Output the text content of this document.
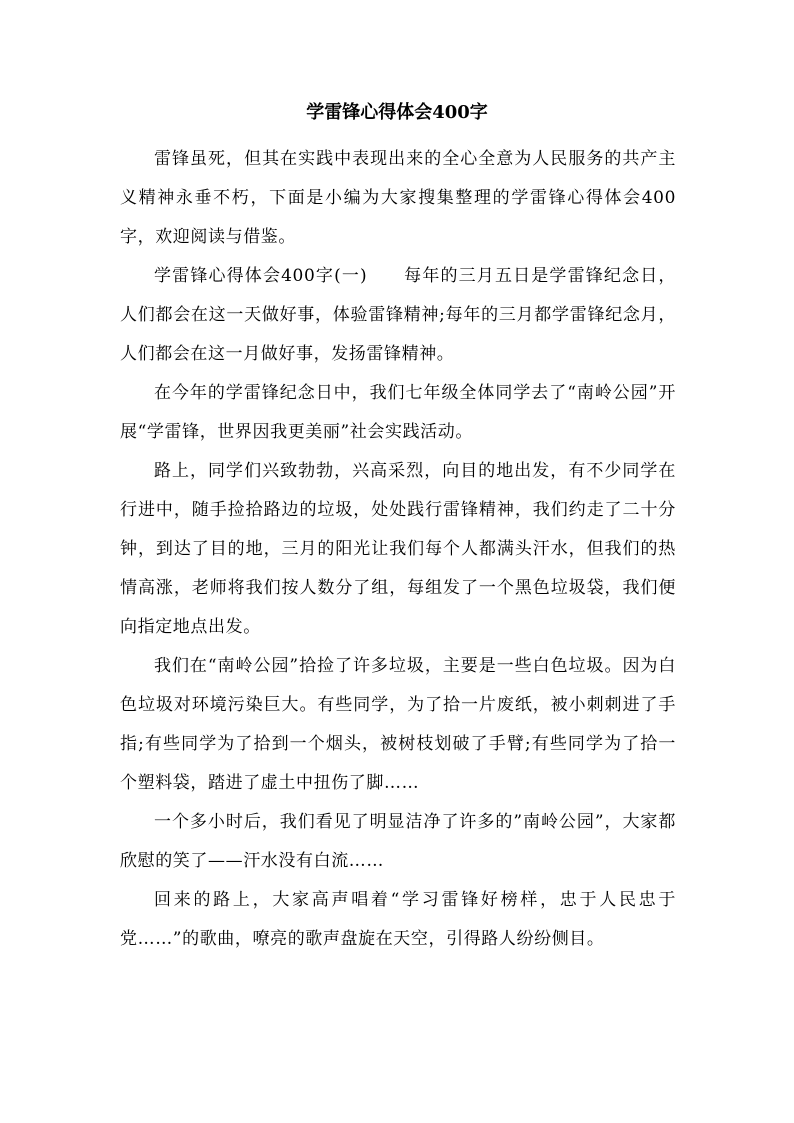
学雷锋心得体会400字

雷锋虽死，但其在实践中表现出来的全心全意为人民服务的共产主义精神永垂不朽，下面是小编为大家搜集整理的学雷锋心得体会400字，欢迎阅读与借鉴。

学雷锋心得体会400字(一)　　每年的三月五日是学雷锋纪念日，人们都会在这一天做好事，体验雷锋精神;每年的三月都学雷锋纪念月，人们都会在这一月做好事，发扬雷锋精神。

在今年的学雷锋纪念日中，我们七年级全体同学去了“南岭公园”开展“学雷锋，世界因我更美丽”社会实践活动。

路上，同学们兴致勃勃，兴高采烈，向目的地出发，有不少同学在行进中，随手捡拾路边的垃圾，处处践行雷锋精神，我们约走了二十分钟，到达了目的地，三月的阳光让我们每个人都满头汗水，但我们的热情高涨，老师将我们按人数分了组，每组发了一个黑色垃圾袋，我们便向指定地点出发。

我们在“南岭公园”拾捡了许多垃圾，主要是一些白色垃圾。因为白色垃圾对环境污染巨大。有些同学，为了拾一片废纸，被小刺刺进了手指;有些同学为了拾到一个烟头，被树枝划破了手臂;有些同学为了拾一个塑料袋，踏进了虚土中扭伤了脚……

一个多小时后，我们看见了明显洁净了许多的”南岭公园”，大家都欣慰的笑了——汗水没有白流……

回来的路上，大家高声唱着“学习雷锋好榜样，忠于人民忠于党……”的歌曲，嘹亮的歌声盘旋在天空，引得路人纷纷侧目。
